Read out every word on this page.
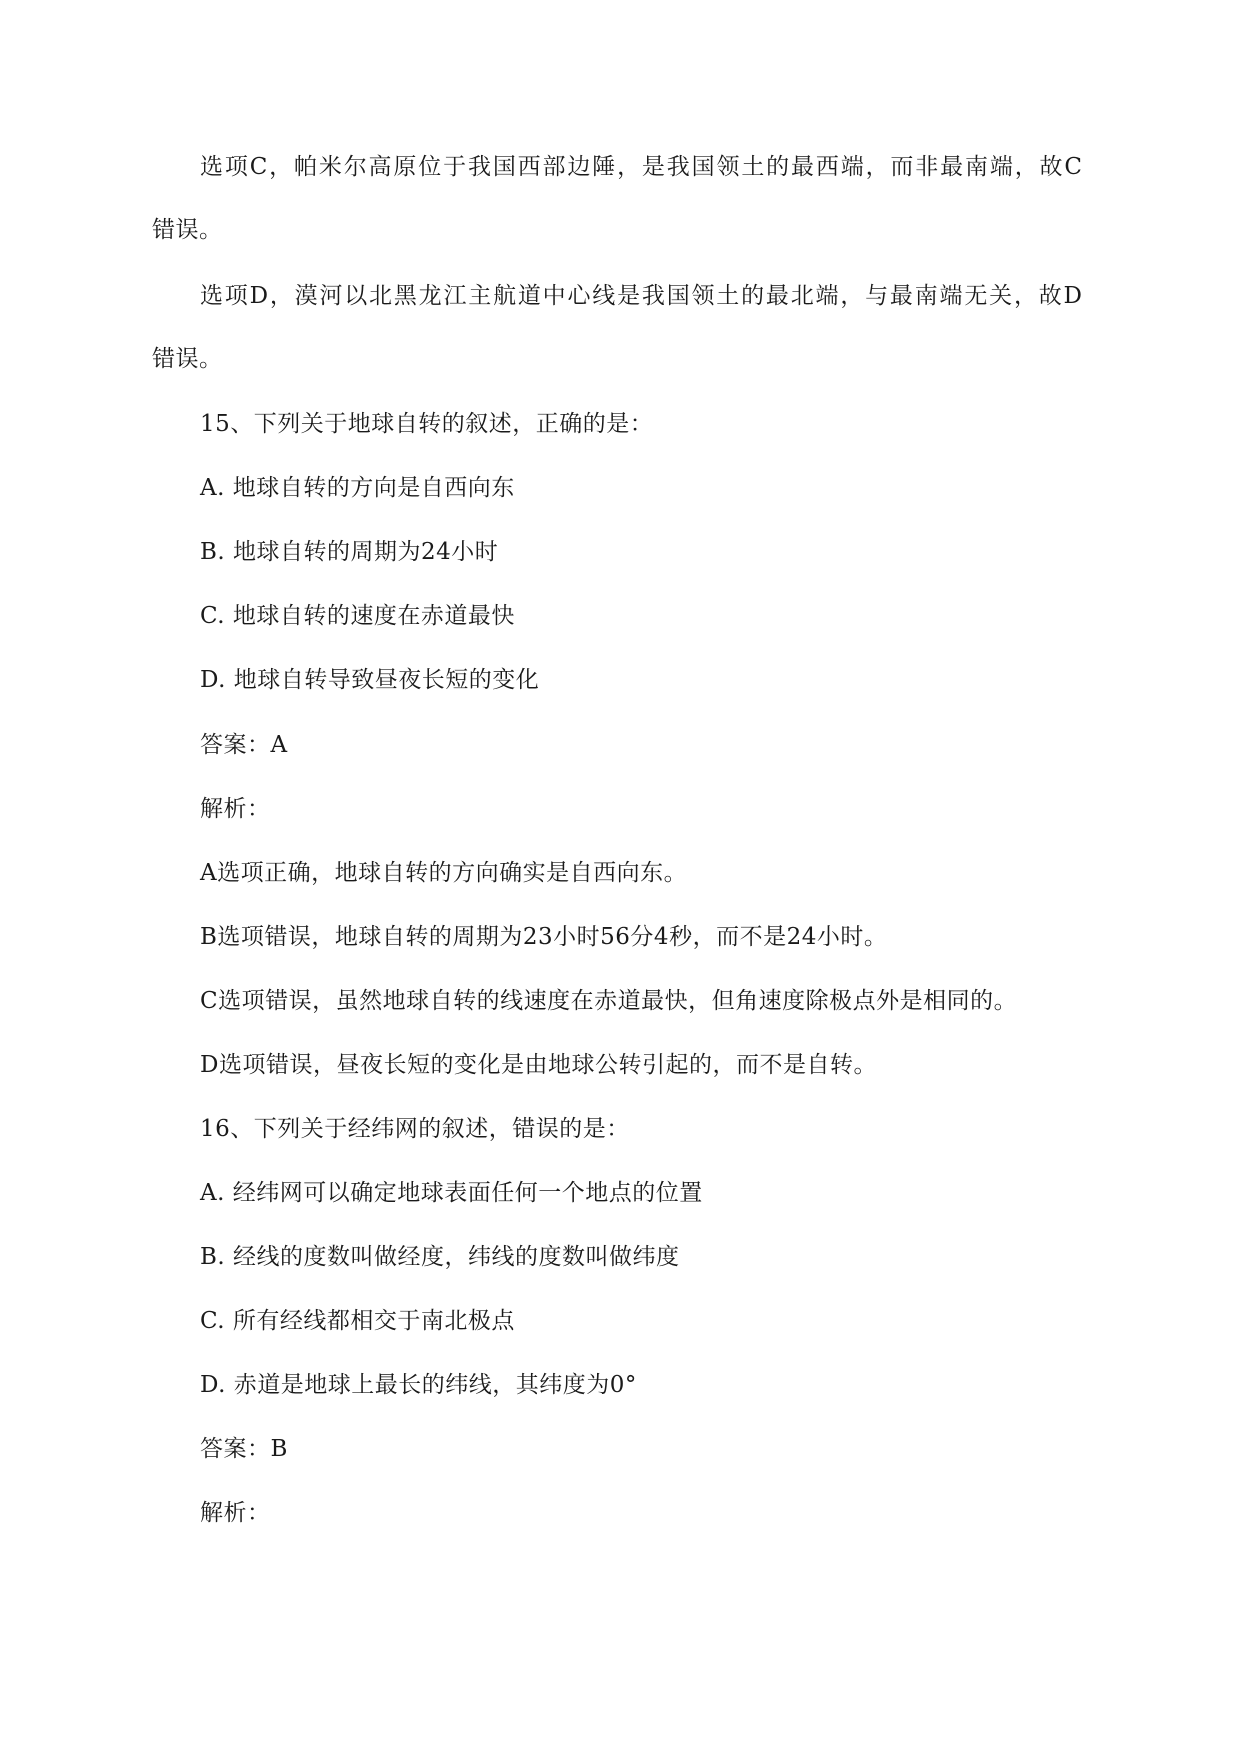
选项C，帕米尔高原位于我国西部边陲，是我国领土的最西端，而非最南端，故C

错误。

选项D，漠河以北黑龙江主航道中心线是我国领土的最北端，与最南端无关，故D

错误。

15、下列关于地球自转的叙述，正确的是：

A. 地球自转的方向是自西向东

B. 地球自转的周期为24小时

C. 地球自转的速度在赤道最快

D. 地球自转导致昼夜长短的变化

答案：A

解析：

A选项正确，地球自转的方向确实是自西向东。

B选项错误，地球自转的周期为23小时56分4秒，而不是24小时。

C选项错误，虽然地球自转的线速度在赤道最快，但角速度除极点外是相同的。

D选项错误，昼夜长短的变化是由地球公转引起的，而不是自转。

16、下列关于经纬网的叙述，错误的是：

A. 经纬网可以确定地球表面任何一个地点的位置

B. 经线的度数叫做经度，纬线的度数叫做纬度

C. 所有经线都相交于南北极点

D. 赤道是地球上最长的纬线，其纬度为0°

答案：B

解析：
